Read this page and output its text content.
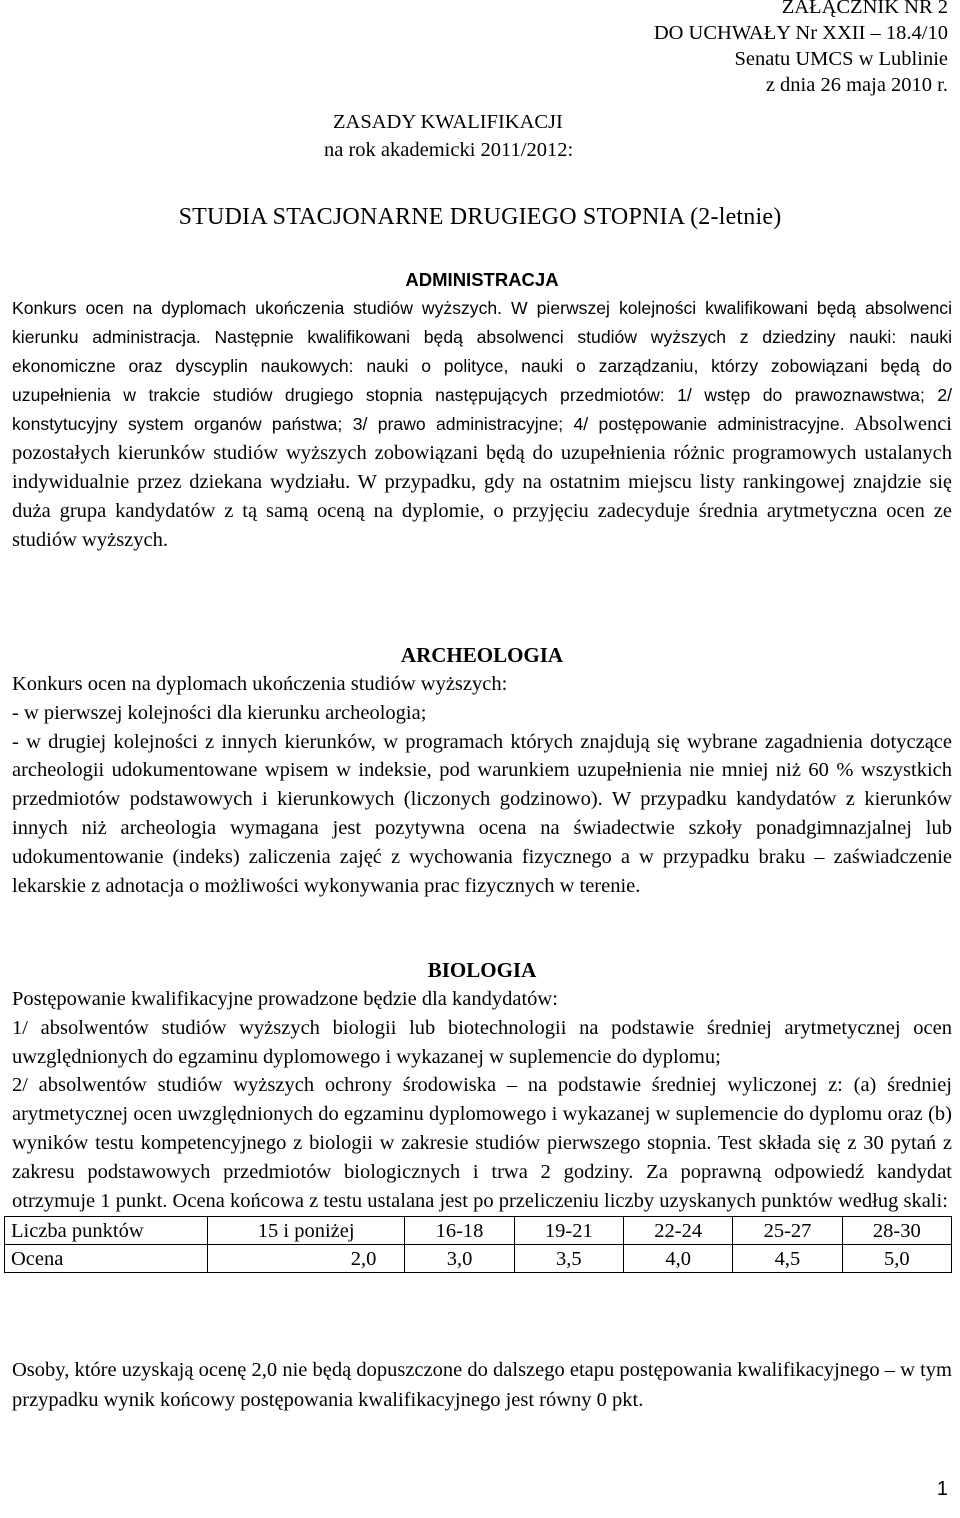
ZAŁĄCZNIK NR 2
DO UCHWAŁY Nr XXII – 18.4/10
Senatu UMCS w Lublinie
z dnia 26 maja 2010 r.
ZASADY KWALIFIKACJI
na rok akademicki 2011/2012:
STUDIA STACJONARNE DRUGIEGO STOPNIA (2-letnie)
ADMINISTRACJA

Konkurs ocen na dyplomach ukończenia studiów wyższych. W pierwszej kolejności kwalifikowani będą absolwenci kierunku administracja. Następnie kwalifikowani będą absolwenci studiów wyższych z dziedziny nauki: nauki ekonomiczne oraz dyscyplin naukowych: nauki o polityce, nauki o zarządzaniu, którzy zobowiązani będą do uzupełnienia w trakcie studiów drugiego stopnia następujących przedmiotów: 1/ wstęp do prawoznawstwa; 2/ konstytucyjny system organów państwa; 3/ prawo administracyjne; 4/ postępowanie administracyjne. Absolwenci pozostałych kierunków studiów wyższych zobowiązani będą do uzupełnienia różnic programowych ustalanych indywidualnie przez dziekana wydziału. W przypadku, gdy na ostatnim miejscu listy rankingowej znajdzie się duża grupa kandydatów z tą samą oceną na dyplomie, o przyjęciu zadecyduje średnia arytmetyczna ocen ze studiów wyższych.

ARCHEOLOGIA

Konkurs ocen na dyplomach ukończenia studiów wyższych:

- w pierwszej kolejności dla kierunku archeologia;

- w drugiej kolejności z innych kierunków, w programach których znajdują się wybrane zagadnienia dotyczące archeologii udokumentowane wpisem w indeksie, pod warunkiem uzupełnienia nie mniej niż 60 % wszystkich przedmiotów podstawowych i kierunkowych (liczonych godzinowo). W przypadku kandydatów z kierunków innych niż archeologia wymagana jest pozytywna ocena na świadectwie szkoły ponadgimnazjalnej lub udokumentowanie (indeks) zaliczenia zajęć z wychowania fizycznego a w przypadku braku – zaświadczenie lekarskie z adnotacja o możliwości wykonywania prac fizycznych w terenie.

BIOLOGIA

Postępowanie kwalifikacyjne prowadzone będzie dla kandydatów:

1/ absolwentów studiów wyższych biologii lub biotechnologii na podstawie średniej arytmetycznej ocen uwzględnionych do egzaminu dyplomowego i wykazanej w suplemencie do dyplomu;

2/ absolwentów studiów wyższych ochrony środowiska – na podstawie średniej wyliczonej z: (a) średniej arytmetycznej ocen uwzględnionych do egzaminu dyplomowego i wykazanej w suplemencie do dyplomu oraz (b) wyników testu kompetencyjnego z biologii w zakresie studiów pierwszego stopnia. Test składa się z 30 pytań z zakresu podstawowych przedmiotów biologicznych i trwa 2 godziny. Za poprawną odpowiedź kandydat otrzymuje 1 punkt. Ocena końcowa z testu ustalana jest po przeliczeniu liczby uzyskanych punktów według skali:

Liczba punktów	15 i poniżej	16-18	19-21	22-24	25-27	28-30
Ocena	2,0	3,0	3,5	4,0	4,5	5,0

Osoby, które uzyskają ocenę 2,0 nie będą dopuszczone do dalszego etapu postępowania kwalifikacyjnego – w tym przypadku wynik końcowy postępowania kwalifikacyjnego jest równy 0 pkt.

1
